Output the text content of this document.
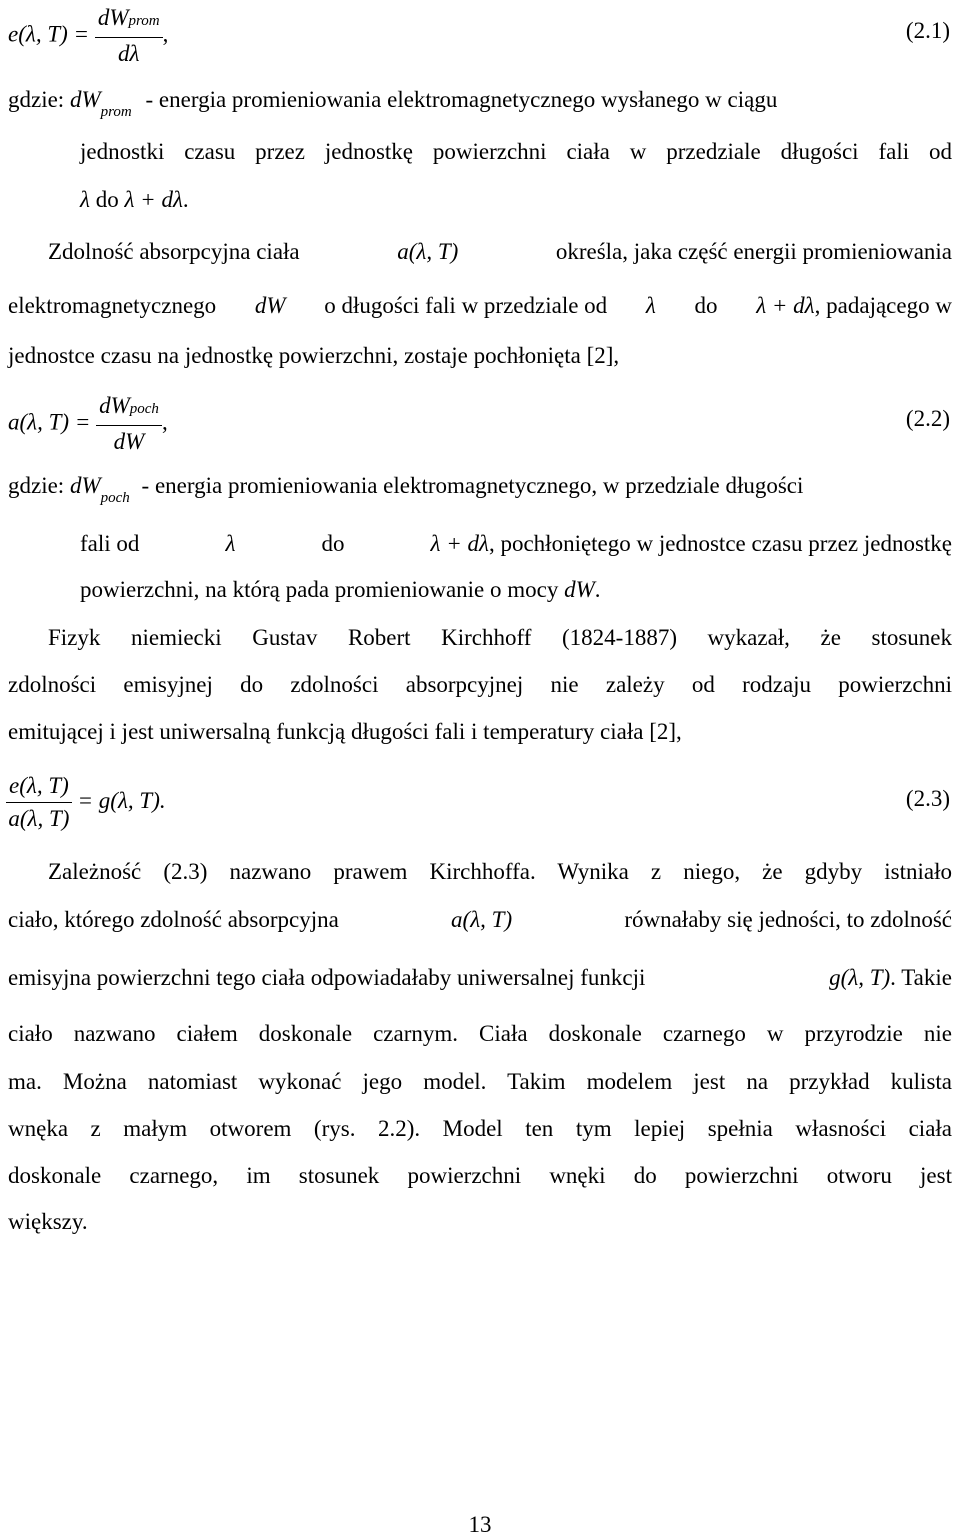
e(λ, $T) = \frac{\text{dWprom}}{d\lambda}$ ,	(2.1)
gdzie: $dW_{prom}$ - energia promieniowania elektromagnetycznego wysłanego w ciągu
jednostki czasu przez jednostkę powierzchni ciała w przedziale długości fali od
λ do λ + dλ.
Zdolność absorpcyjna ciała	a(λ, T)	określa, jaka część energii promieniowania
elektromagnetycznego dW o długości fali w przedziale od λ do λ + dλ, padającego w
jednostce czasu na jednostkę powierzchni, zostaje pochłonięta [2],
a(λ, $T) = \frac{\text{dWpoch}}{dW}$ ,	(2.2)
gdzie: $dW_{poch}$ - energia promieniowania elektromagnetycznego, w przedziale długości
fali od	λ	do	λ + dλ, pochłoniętego w jednostce czasu przez jednostkę
powierzchni, na którą pada promieniowanie o mocy dW.
Fizyk niemiecki Gustav Robert Kirchhoff (1824-1887) wykazał, że stosunek
zdolności emisyjnej do zdolności absorpcyjnej nie zależy od rodzaju powierzchni
emitującej i jest uniwersalną funkcją długości fali i temperatury ciała [2],
$\frac{e(\lambda, T)}{a(\lambda, T)} = g(\lambda$, T).	(2.3)
Zależność (2.3) nazwano prawem Kirchhoffa. Wynika z niego, że gdyby istniało
ciało, którego zdolność absorpcyjna	a(λ, T)	równałaby się jedności, to zdolność
emisyjna powierzchni tego ciała odpowiadałaby uniwersalnej funkcji	g(λ, T). Takie
ciało nazwano ciałem doskonale czarnym. Ciała doskonale czarnego w przyrodzie nie
ma. Można natomiast wykonać jego model. Takim modelem jest na przykład kulista
wnęka z małym otworem (rys. 2.2). Model ten tym lepiej spełnia własności ciała
doskonale czarnego, im stosunek powierzchni wnęki do powierzchni otworu jest
większy.
13
